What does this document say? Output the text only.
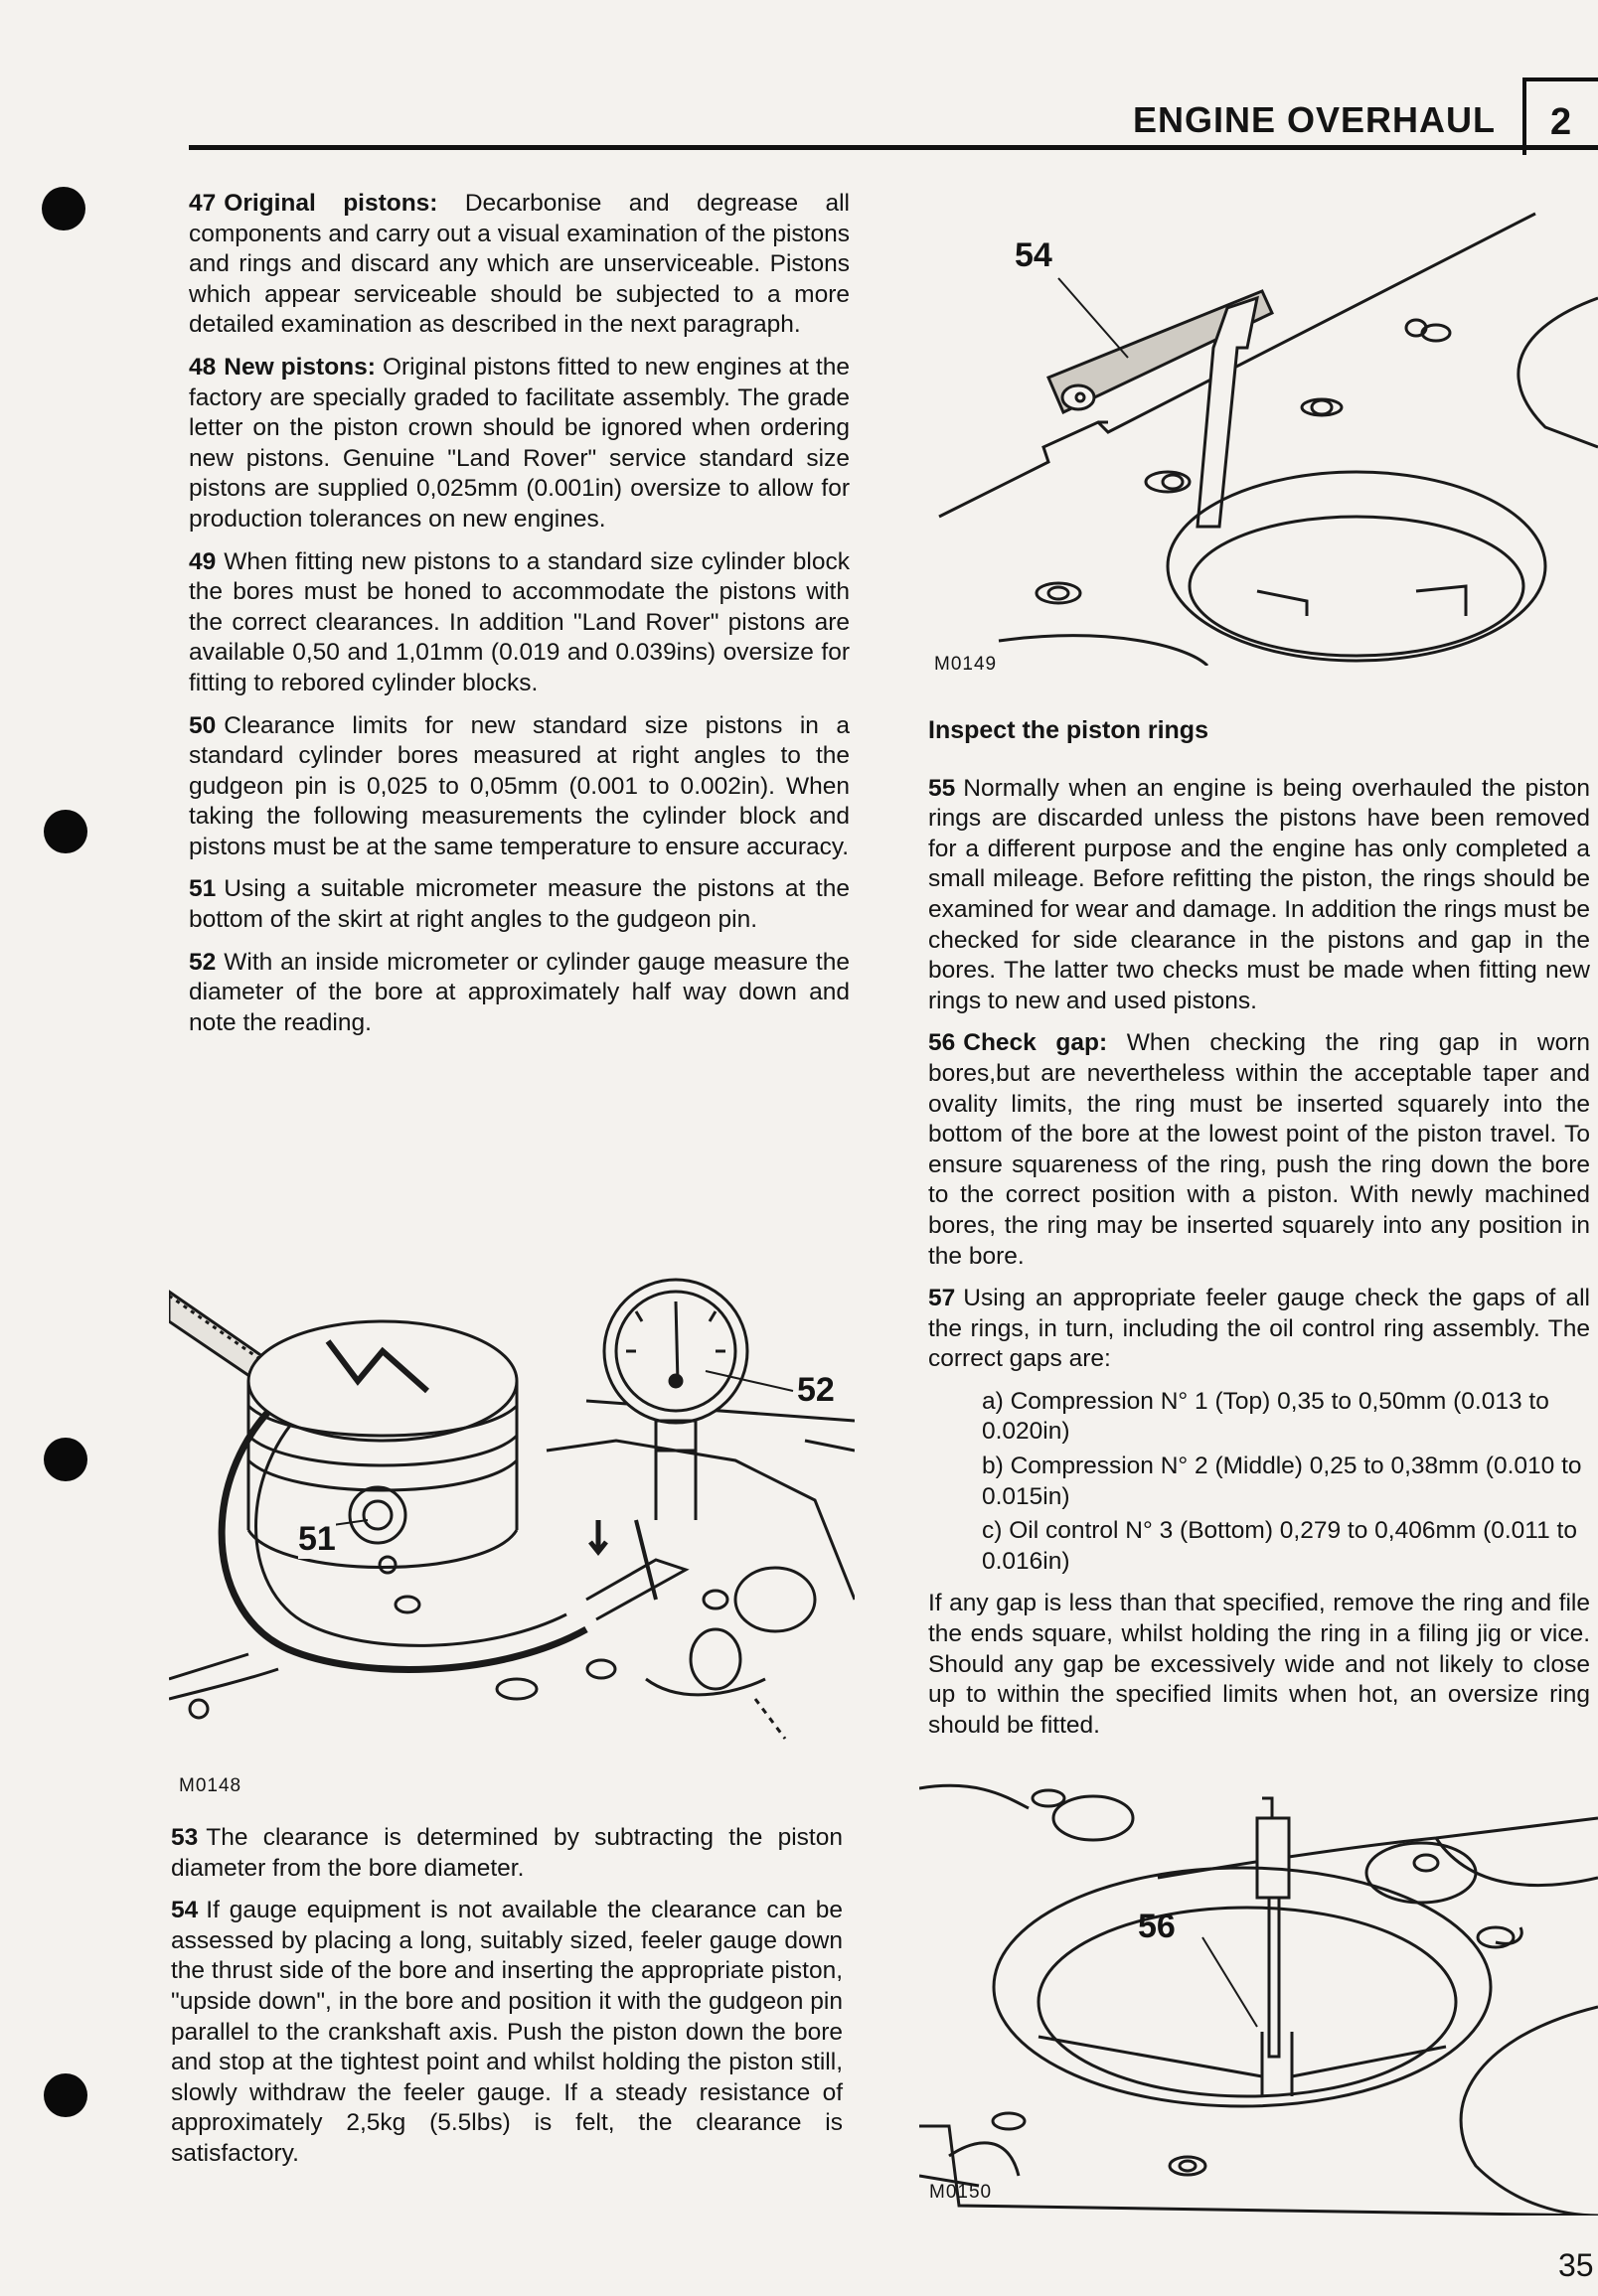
ENGINE OVERHAUL 2

47 Original pistons: Decarbonise and degrease all components and carry out a visual examination of the pistons and rings and discard any which are unserviceable. Pistons which appear serviceable should be subjected to a more detailed examination as described in the next paragraph.

48 New pistons: Original pistons fitted to new engines at the factory are specially graded to facilitate assembly. The grade letter on the piston crown should be ignored when ordering new pistons. Genuine "Land Rover" service standard size pistons are supplied 0,025mm (0.001in) oversize to allow for production tolerances on new engines.

49 When fitting new pistons to a standard size cylinder block the bores must be honed to accommodate the pistons with the correct clearances. In addition "Land Rover" pistons are available 0,50 and 1,01mm (0.019 and 0.039ins) oversize for fitting to rebored cylinder blocks.

50 Clearance limits for new standard size pistons in a standard cylinder bores measured at right angles to the gudgeon pin is 0,025 to 0,05mm (0.001 to 0.002in). When taking the following measurements the cylinder block and pistons must be at the same temperature to ensure accuracy.

51 Using a suitable micrometer measure the pistons at the bottom of the skirt at right angles to the gudgeon pin.

52 With an inside micrometer or cylinder gauge measure the diameter of the bore at approximately half way down and note the reading.

52
51
M0148

53 The clearance is determined by subtracting the piston diameter from the bore diameter.

54 If gauge equipment is not available the clearance can be assessed by placing a long, suitably sized, feeler gauge down the thrust side of the bore and inserting the appropriate piston, "upside down", in the bore and position it with the gudgeon pin parallel to the crankshaft axis. Push the piston down the bore and stop at the tightest point and whilst holding the piston still, slowly withdraw the feeler gauge. If a steady resistance of approximately 2,5kg (5.5lbs) is felt, the clearance is satisfactory.

54
M0149
Inspect the piston rings

55 Normally when an engine is being overhauled the piston rings are discarded unless the pistons have been removed for a different purpose and the engine has only completed a small mileage. Before refitting the piston, the rings should be examined for wear and damage. In addition the rings must be checked for side clearance in the pistons and gap in the bores. The latter two checks must be made when fitting new rings to new and used pistons.

56 Check gap: When checking the ring gap in worn bores,but are nevertheless within the acceptable taper and ovality limits, the ring must be inserted squarely into the bottom of the bore at the lowest point of the piston travel. To ensure squareness of the ring, push the ring down the bore to the correct position with a piston. With newly machined bores, the ring may be inserted squarely into any position in the bore.

57 Using an appropriate feeler gauge check the gaps of all the rings, in turn, including the oil control ring assembly. The correct gaps are:

a) Compression N° 1 (Top) 0,35 to 0,50mm (0.013 to 0.020in)
b) Compression N° 2 (Middle) 0,25 to 0,38mm (0.010 to 0.015in)
c) Oil control N° 3 (Bottom) 0,279 to 0,406mm (0.011 to 0.016in)

If any gap is less than that specified, remove the ring and file the ends square, whilst holding the ring in a filing jig or vice. Should any gap be excessively wide and not likely to close up to within the specified limits when hot, an oversize ring should be fitted.

56
M0150
35
